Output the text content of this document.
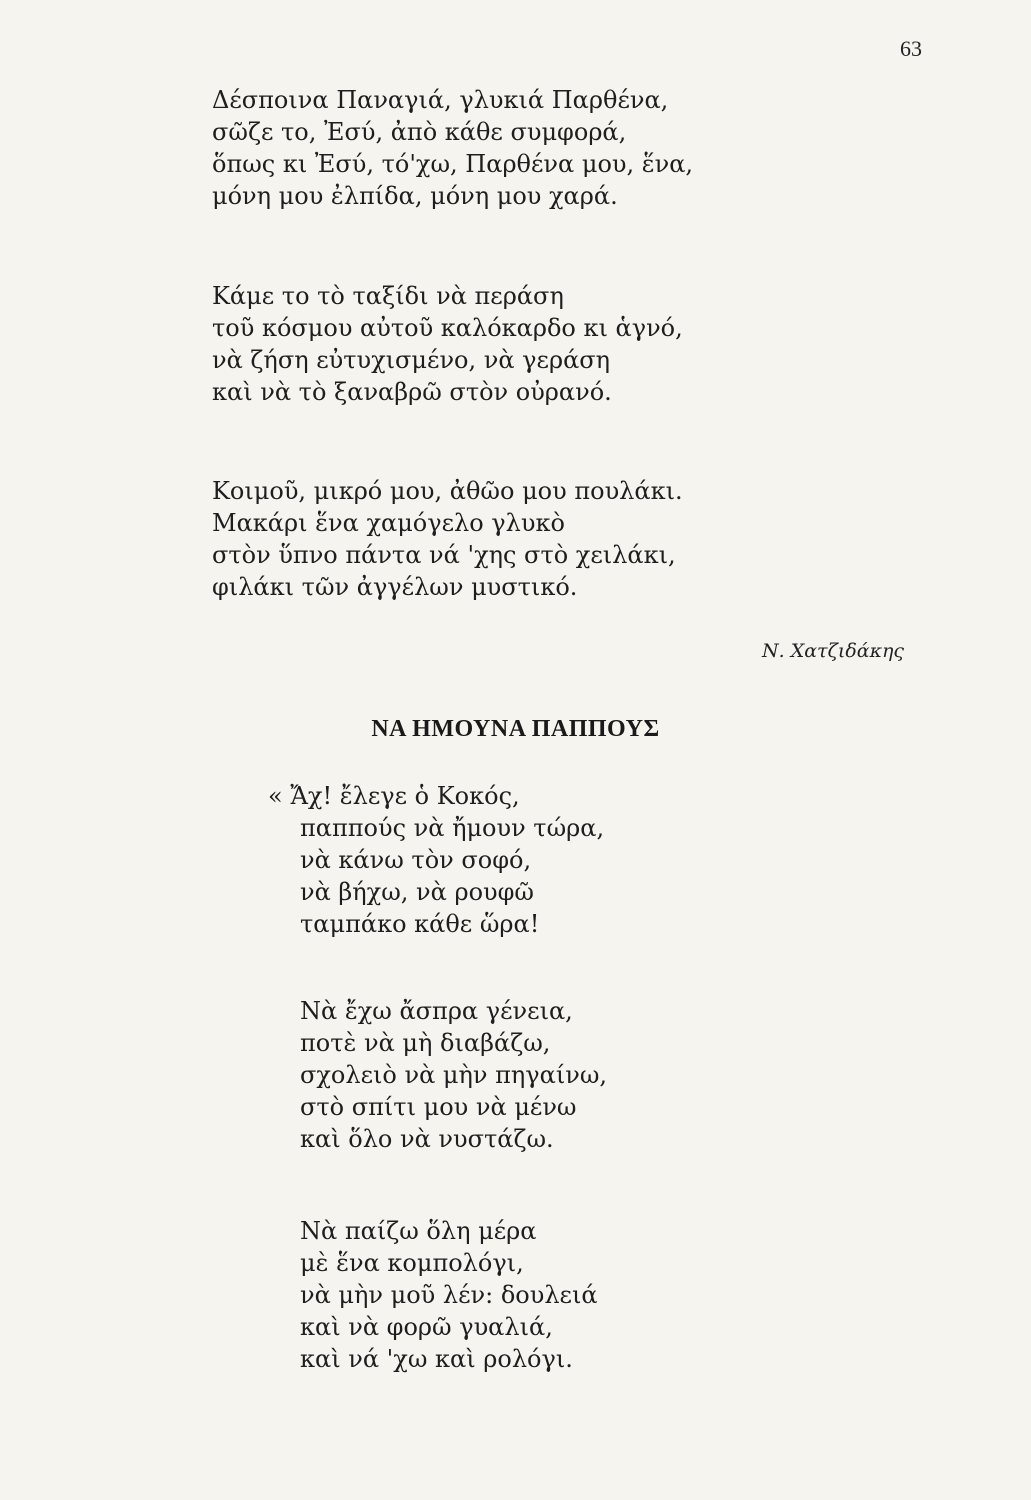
63
Δέσποινα Παναγιά, γλυκιά Παρθένα,
σῶζε το, Ἐσύ, ἀπὸ κάθε συμφορά,
ὅπως κι Ἐσύ, τό'χω, Παρθένα μου, ἕνα,
μόνη μου ἐλπίδα, μόνη μου χαρά.
Κάμε το τὸ ταξίδι νὰ περάση
τοῦ κόσμου αὐτοῦ καλόκαρδο κι ἁγνό,
νὰ ζήση εὐτυχισμένο, νὰ γεράση
καὶ νὰ τὸ ξαναβρῶ στὸν οὐρανό.
Κοιμοῦ, μικρό μου, ἀθῶο μου πουλάκι.
Μακάρι ἕνα χαμόγελο γλυκὸ
στὸν ὕπνο πάντα νά 'χης στὸ χειλάκι,
φιλάκι τῶν ἀγγέλων μυστικό.
Ν. Χατζιδάκης
ΝΑ ΗΜΟΥΝΑ ΠΑΠΠΟΥΣ
« Ἄχ! ἔλεγε ὁ Κοκός,
παππούς νὰ ἤμουν τώρα,
νὰ κάνω τὸν σοφό,
νὰ βήχω, νὰ ρουφῶ
ταμπάκο κάθε ὥρα!
Νὰ ἔχω ἄσπρα γένεια,
ποτὲ νὰ μὴ διαβάζω,
σχολειὸ νὰ μὴν πηγαίνω,
στὸ σπίτι μου νὰ μένω
καὶ ὅλο νὰ νυστάζω.
Νὰ παίζω ὅλη μέρα
μὲ ἕνα κομπολόγι,
νὰ μὴν μοῦ λέν: δουλειά
καὶ νὰ φορῶ γυαλιά,
καὶ νά 'χω καὶ ρολόγι.
